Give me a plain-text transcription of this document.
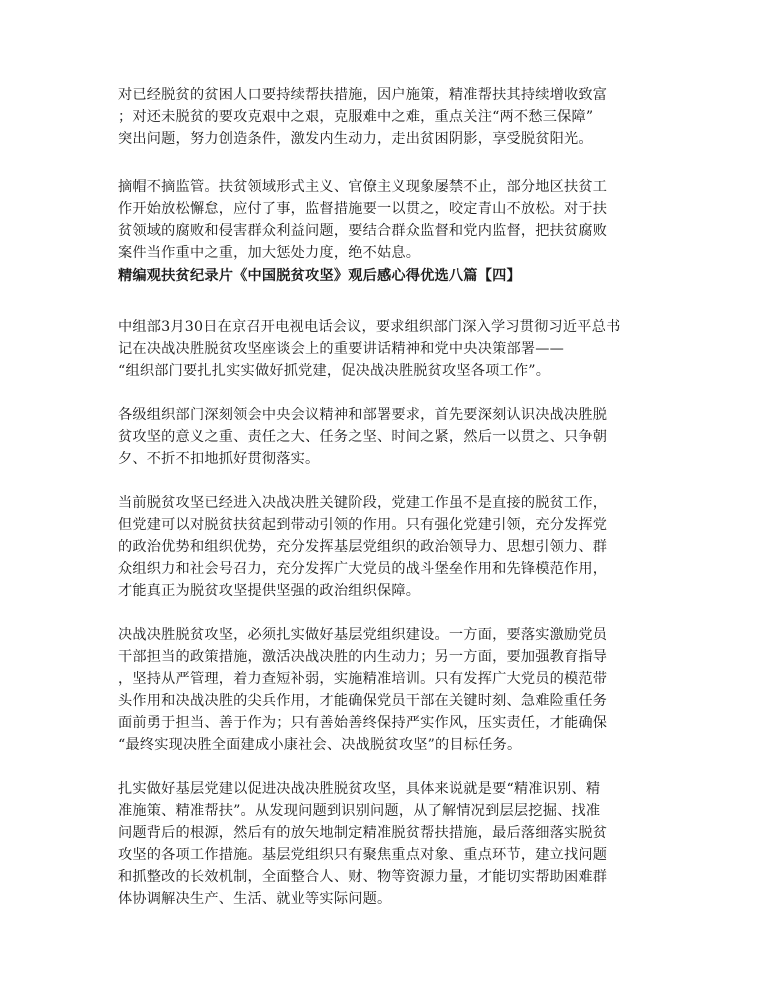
对已经脱贫的贫困人口要持续帮扶措施，因户施策，精准帮扶其持续增收致富
；对还未脱贫的要攻克艰中之艰，克服难中之难，重点关注“两不愁三保障”
突出问题，努力创造条件，激发内生动力，走出贫困阴影，享受脱贫阳光。

摘帽不摘监管。扶贫领域形式主义、官僚主义现象屡禁不止，部分地区扶贫工
作开始放松懈怠，应付了事，监督措施要一以贯之，咬定青山不放松。对于扶
贫领域的腐败和侵害群众利益问题，要结合群众监督和党内监督，把扶贫腐败
案件当作重中之重，加大惩处力度，绝不姑息。

精编观扶贫纪录片《中国脱贫攻坚》观后感心得优选八篇【四】

中组部3月30日在京召开电视电话会议，要求组织部门深入学习贯彻习近平总书
记在决战决胜脱贫攻坚座谈会上的重要讲话精神和党中央决策部署——
“组织部门要扎扎实实做好抓党建，促决战决胜脱贫攻坚各项工作”。

各级组织部门深刻领会中央会议精神和部署要求，首先要深刻认识决战决胜脱
贫攻坚的意义之重、责任之大、任务之坚、时间之紧，然后一以贯之、只争朝
夕、不折不扣地抓好贯彻落实。

当前脱贫攻坚已经进入决战决胜关键阶段，党建工作虽不是直接的脱贫工作，
但党建可以对脱贫扶贫起到带动引领的作用。只有强化党建引领，充分发挥党
的政治优势和组织优势，充分发挥基层党组织的政治领导力、思想引领力、群
众组织力和社会号召力，充分发挥广大党员的战斗堡垒作用和先锋模范作用，
才能真正为脱贫攻坚提供坚强的政治组织保障。

决战决胜脱贫攻坚，必须扎实做好基层党组织建设。一方面，要落实激励党员
干部担当的政策措施，激活决战决胜的内生动力；另一方面，要加强教育指导
，坚持从严管理，着力查短补弱，实施精准培训。只有发挥广大党员的模范带
头作用和决战决胜的尖兵作用，才能确保党员干部在关键时刻、急难险重任务
面前勇于担当、善于作为；只有善始善终保持严实作风，压实责任，才能确保
“最终实现决胜全面建成小康社会、决战脱贫攻坚”的目标任务。

扎实做好基层党建以促进决战决胜脱贫攻坚，具体来说就是要“精准识别、精
准施策、精准帮扶”。从发现问题到识别问题，从了解情况到层层挖掘、找准
问题背后的根源，然后有的放矢地制定精准脱贫帮扶措施，最后落细落实脱贫
攻坚的各项工作措施。基层党组织只有聚焦重点对象、重点环节，建立找问题
和抓整改的长效机制，全面整合人、财、物等资源力量，才能切实帮助困难群
体协调解决生产、生活、就业等实际问题。
